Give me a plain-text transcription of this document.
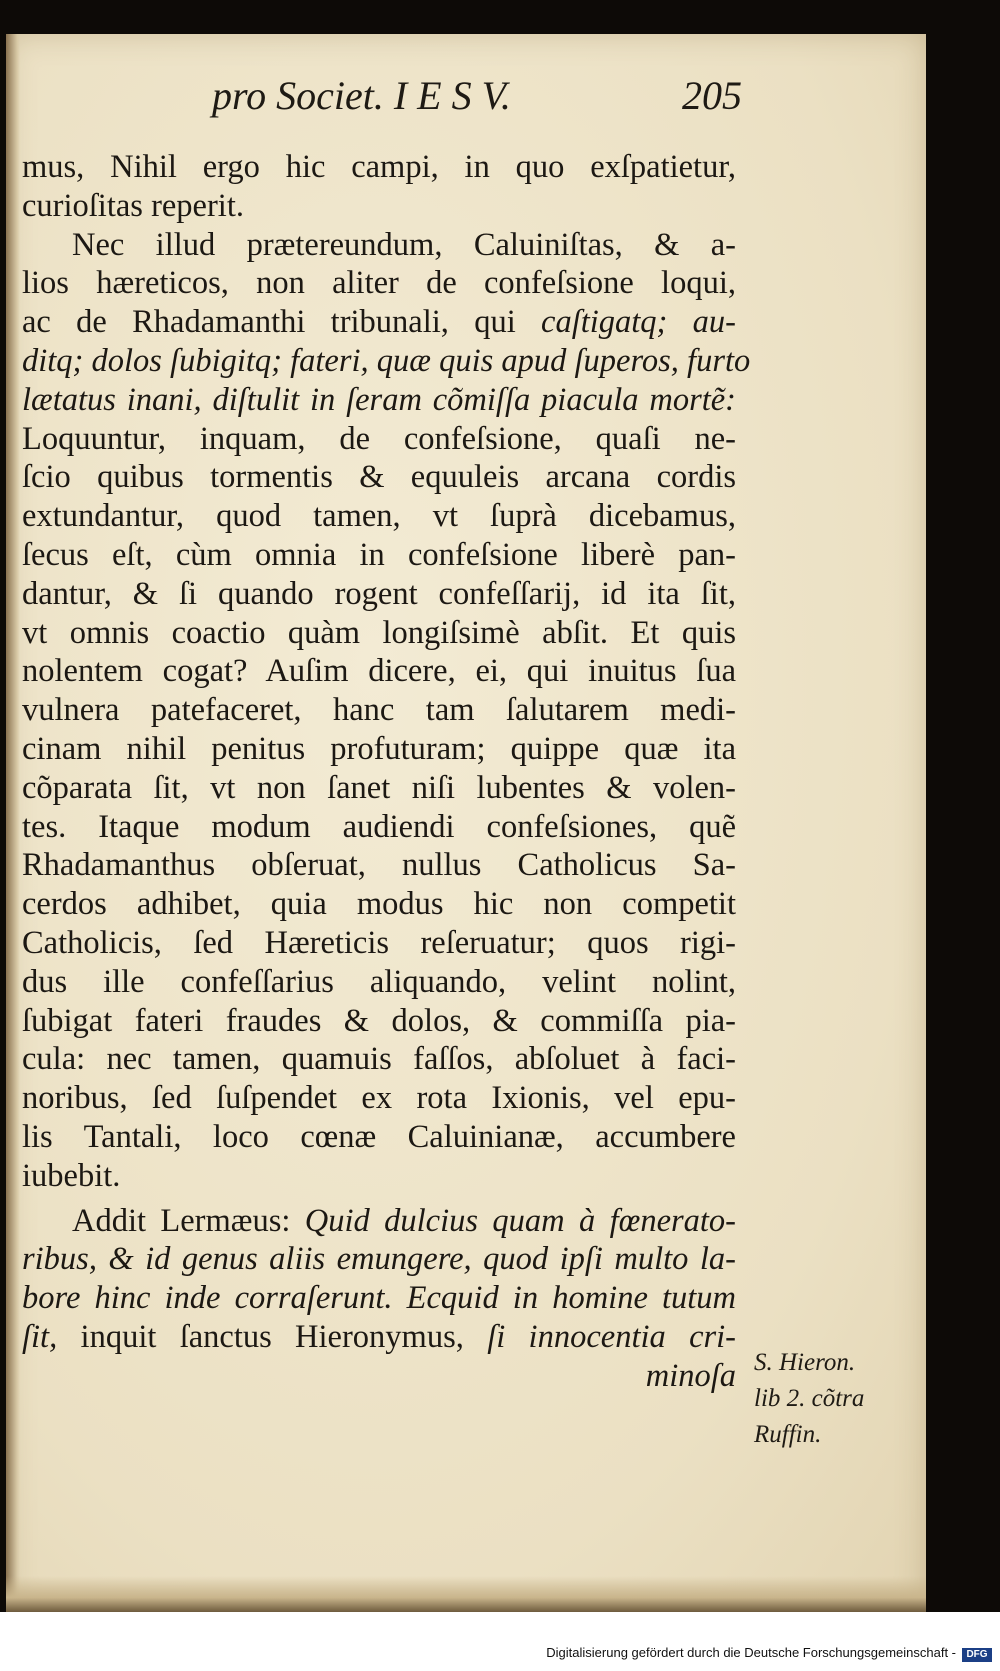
pro Societ. I E S V.	205
mus, Nihil ergo hic campi, in quo exſpatietur,
curioſitas reperit.
Nec illud prætereundum, Caluiniſtas, & a-
lios hæreticos, non aliter de confeſsione loqui,
ac de Rhadamanthi tribunali, qui caſtigatq; au-
ditq; dolos ſubigitq; fateri, quæ quis apud ſuperos, furto
lætatus inani, diſtulit in ſeram cõmiſſa piacula mortẽ:
Loquuntur, inquam, de confeſsione, quaſi ne-
ſcio quibus tormentis & equuleis arcana cordis
extundantur, quod tamen, vt ſuprà dicebamus,
ſecus eſt, cùm omnia in confeſsione liberè pan-
dantur, & ſi quando rogent confeſſarij, id ita ſit,
vt omnis coactio quàm longiſsimè abſit. Et quis
nolentem cogat? Auſim dicere, ei, qui inuitus ſua
vulnera patefaceret, hanc tam ſalutarem medi-
cinam nihil penitus profuturam; quippe quæ ita
cõparata ſit, vt non ſanet niſi lubentes & volen-
tes. Itaque modum audiendi confeſsiones, quẽ
Rhadamanthus obſeruat, nullus Catholicus Sa-
cerdos adhibet, quia modus hic non competit
Catholicis, ſed Hæreticis reſeruatur; quos rigi-
dus ille confeſſarius aliquando, velint nolint,
ſubigat fateri fraudes & dolos, & commiſſa pia-
cula: nec tamen, quamuis faſſos, abſoluet à faci-
noribus, ſed ſuſpendet ex rota Ixionis, vel epu-
lis Tantali, loco cœnæ Caluinianæ, accumbere
iubebit.
Addit Lermæus: Quid dulcius quam à fœnerato-
ribus, & id genus aliis emungere, quod ipſi multo la-
bore hinc inde corraſerunt. Ecquid in homine tutum
ſit, inquit ſanctus Hieronymus, ſi innocentia cri-
minoſa S. Hieron.
lib 2. cõtra
Ruffin.
Digitalisierung gefördert durch die Deutsche Forschungsgemeinschaft -	DFG
